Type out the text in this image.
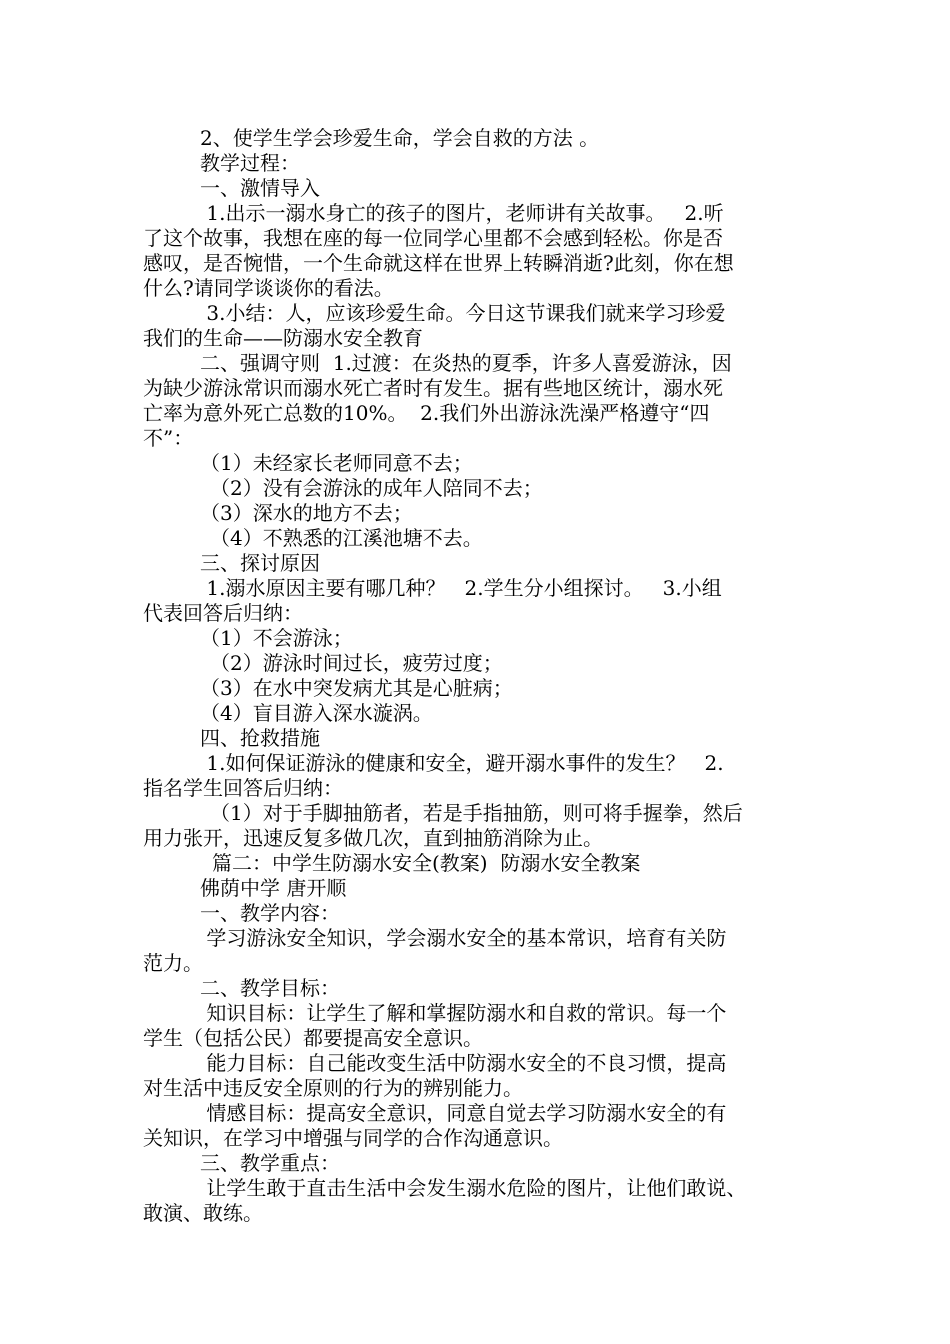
2、使学生学会珍爱生命，学会自救的方法 。
教学过程：
一、激情导入
1.出示一溺水身亡的孩子的图片，老师讲有关故事。   2.听
了这个故事，我想在座的每一位同学心里都不会感到轻松。你是否
感叹，是否惋惜，一个生命就这样在世界上转瞬消逝?此刻，你在想
什么?请同学谈谈你的看法。
3.小结：人，应该珍爱生命。今日这节课我们就来学习珍爱
我们的生命——防溺水安全教育
二、强调守则  1.过渡：在炎热的夏季，许多人喜爱游泳，因
为缺少游泳常识而溺水死亡者时有发生。据有些地区统计，溺水死
亡率为意外死亡总数的10%。  2.我们外出游泳洗澡严格遵守“四
不”：
（1）未经家长老师同意不去；
（2）没有会游泳的成年人陪同不去；
（3）深水的地方不去；
（4）不熟悉的江溪池塘不去。
三、探讨原因
1.溺水原因主要有哪几种？   2.学生分小组探讨。   3.小组
代表回答后归纳：
（1）不会游泳；
（2）游泳时间过长，疲劳过度；
（3）在水中突发病尤其是心脏病；
（4）盲目游入深水漩涡。
四、抢救措施
1.如何保证游泳的健康和安全，避开溺水事件的发生？   2.
指名学生回答后归纳：
（1）对于手脚抽筋者，若是手指抽筋，则可将手握拳，然后
用力张开，迅速反复多做几次，直到抽筋消除为止。
篇二：中学生防溺水安全(教案)  防溺水安全教案
佛荫中学 唐开顺
一、教学内容：
学习游泳安全知识，学会溺水安全的基本常识，培育有关防
范力。
二、教学目标：
知识目标：让学生了解和掌握防溺水和自救的常识。每一个
学生（包括公民）都要提高安全意识。
能力目标：自己能改变生活中防溺水安全的不良习惯，提高
对生活中违反安全原则的行为的辨别能力。
情感目标：提高安全意识，同意自觉去学习防溺水安全的有
关知识，在学习中增强与同学的合作沟通意识。
三、教学重点：
让学生敢于直击生活中会发生溺水危险的图片，让他们敢说、
敢演、敢练。
